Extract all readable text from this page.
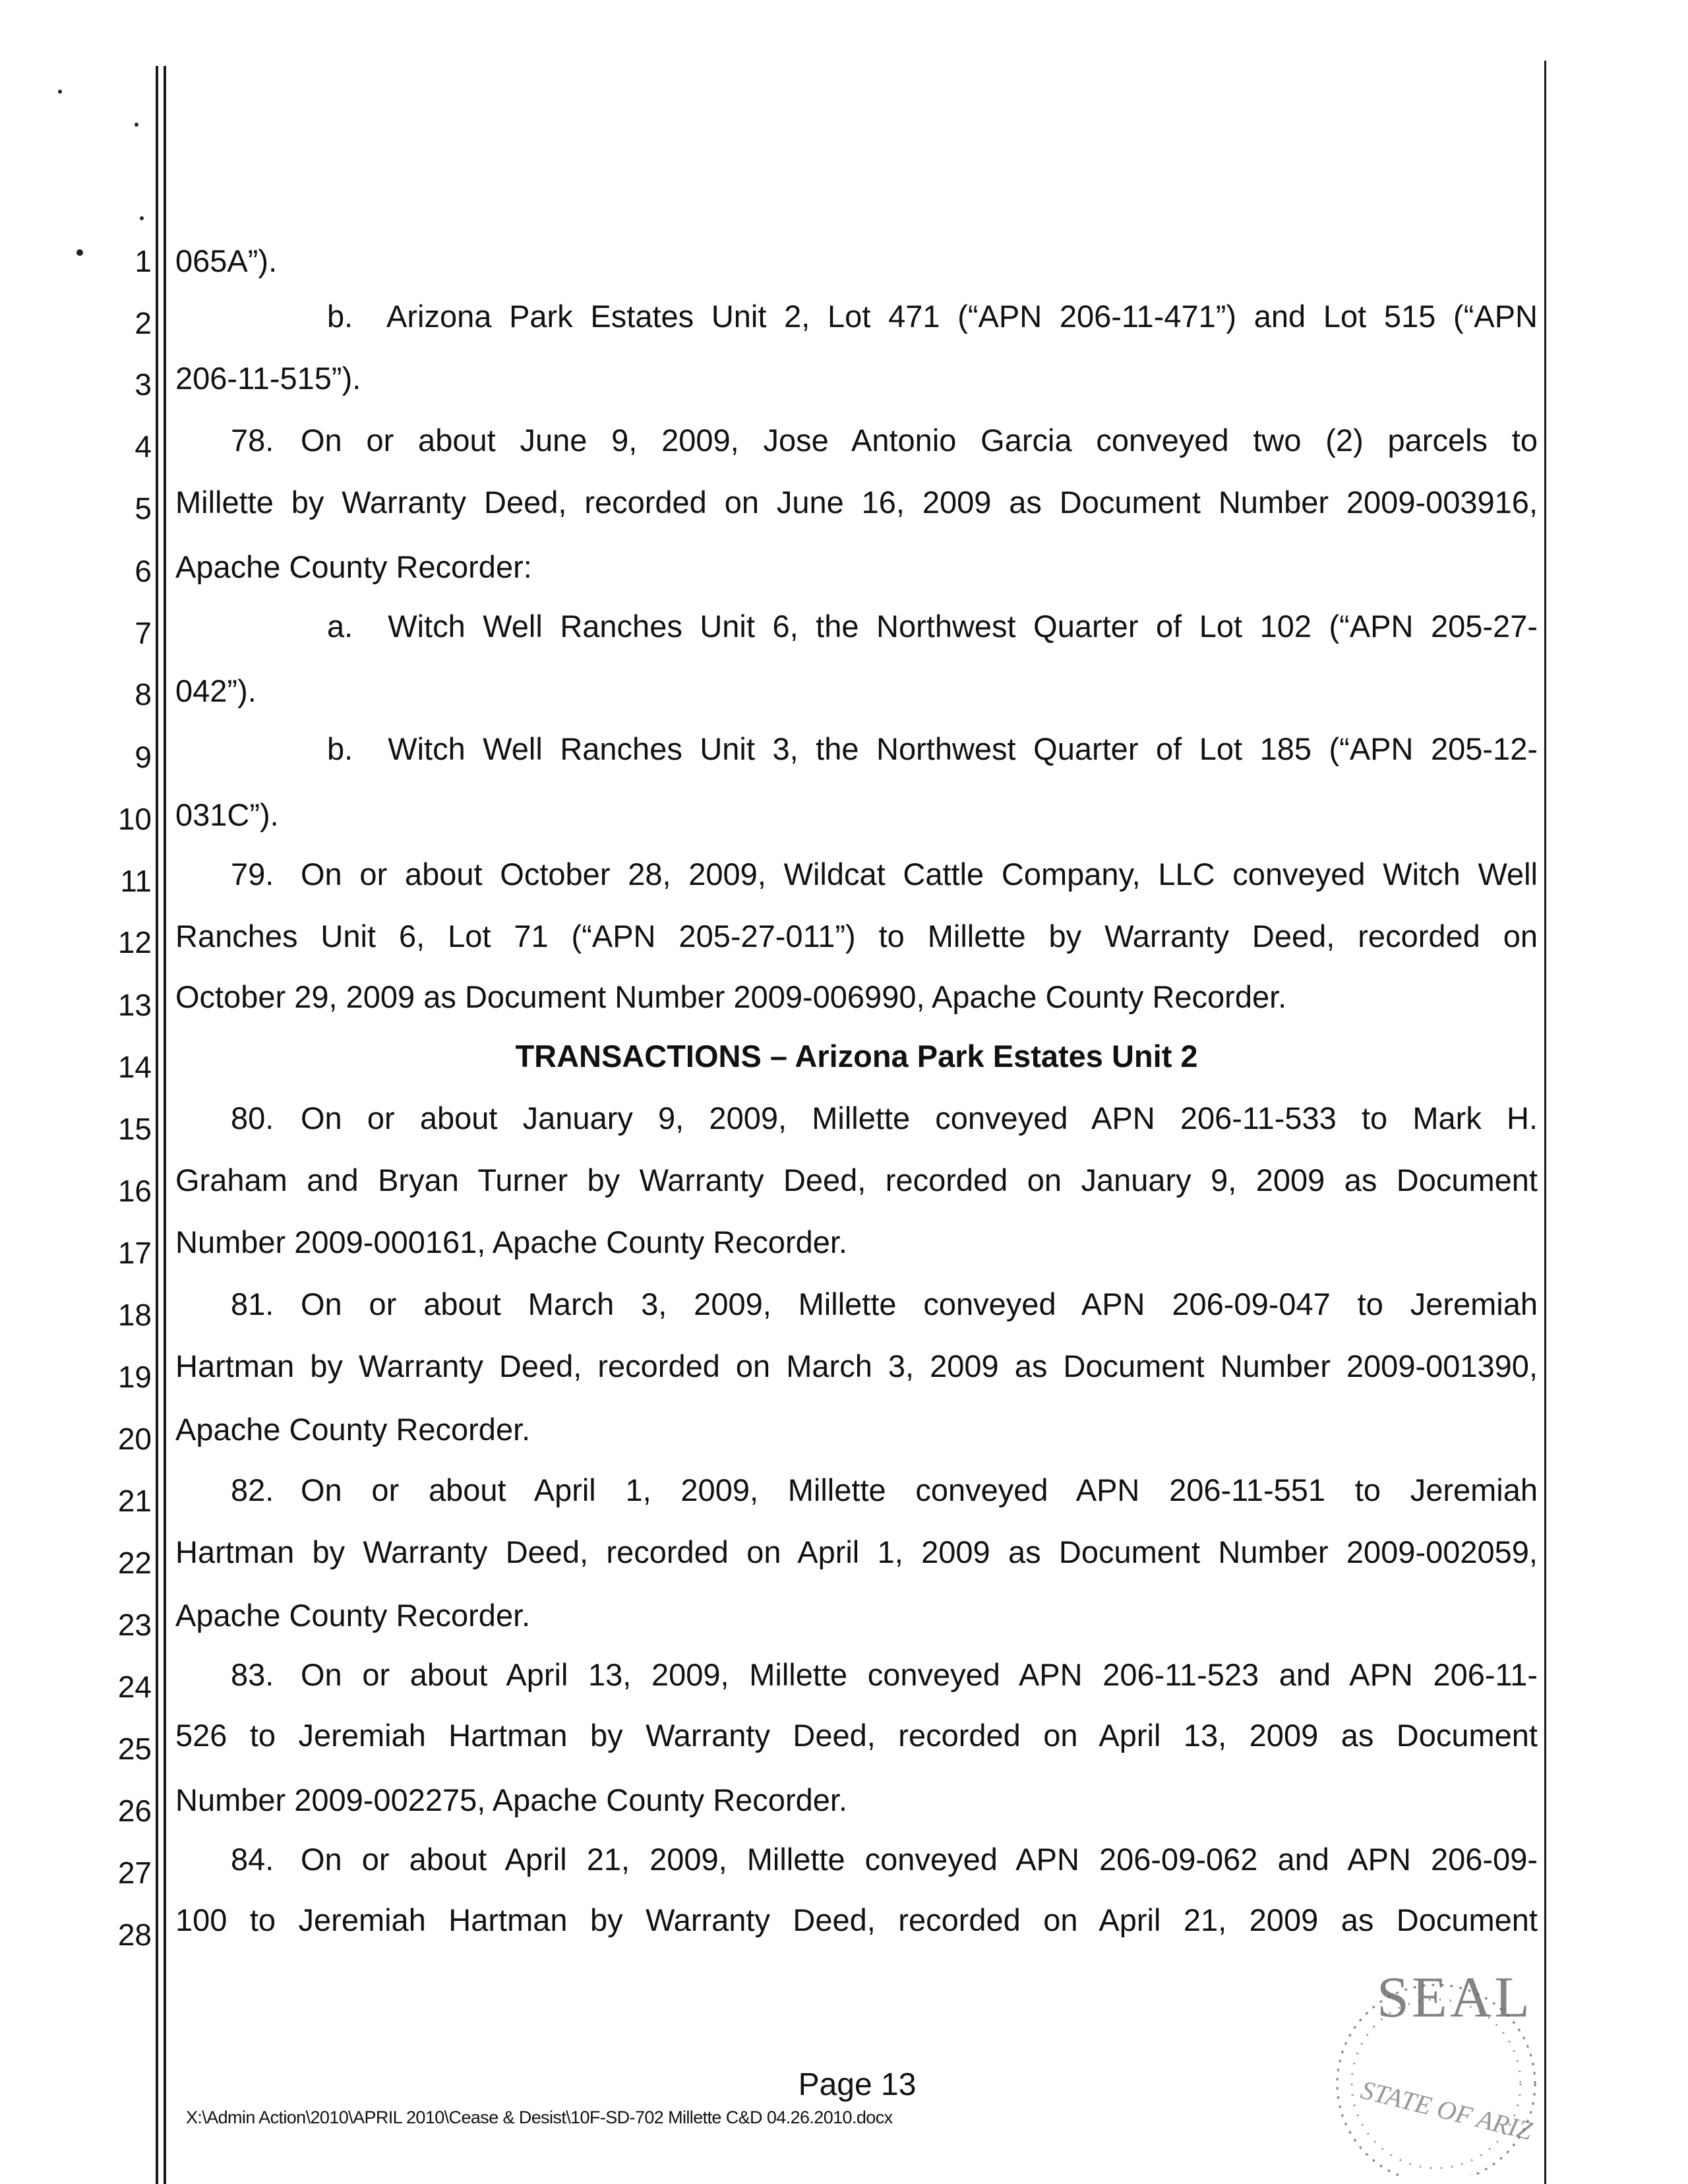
1
2
3
4
5
6
7
8
9
10
11
12
13
14
15
16
17
18
19
20
21
22
23
24
25
26
27
28
065A”).
b.  Arizona Park Estates Unit 2, Lot 471 (“APN 206-11-471”) and Lot 515 (“APN
206-11-515”).
78. On or about June 9, 2009, Jose Antonio Garcia conveyed two (2) parcels to
Millette by Warranty Deed, recorded on June 16, 2009 as Document Number 2009-003916,
Apache County Recorder:
a.  Witch Well Ranches Unit 6, the Northwest Quarter of Lot 102 (“APN 205-27-
042”).
b.  Witch Well Ranches Unit 3, the Northwest Quarter of Lot 185 (“APN 205-12-
031C”).
79. On or about October 28, 2009, Wildcat Cattle Company, LLC conveyed Witch Well
Ranches Unit 6, Lot 71 (“APN 205-27-011”) to Millette by Warranty Deed, recorded on
October 29, 2009 as Document Number 2009-006990, Apache County Recorder.
TRANSACTIONS – Arizona Park Estates Unit 2
80. On or about January 9, 2009, Millette conveyed APN 206-11-533 to Mark H.
Graham and Bryan Turner by Warranty Deed, recorded on January 9, 2009 as Document
Number 2009-000161, Apache County Recorder.
81. On or about March 3, 2009, Millette conveyed APN 206-09-047 to Jeremiah
Hartman by Warranty Deed, recorded on March 3, 2009 as Document Number 2009-001390,
Apache County Recorder.
82. On or about April 1, 2009, Millette conveyed APN 206-11-551 to Jeremiah
Hartman by Warranty Deed, recorded on April 1, 2009 as Document Number 2009-002059,
Apache County Recorder.
83. On or about April 13, 2009, Millette conveyed APN 206-11-523 and APN 206-11-
526 to Jeremiah Hartman by Warranty Deed, recorded on April 13, 2009 as Document
Number 2009-002275, Apache County Recorder.
84. On or about April 21, 2009, Millette conveyed APN 206-09-062 and APN 206-09-
100 to Jeremiah Hartman by Warranty Deed, recorded on April 21, 2009 as Document
SEAL
STATE OF ARIZ
Page 13
X:\Admin Action\2010\APRIL 2010\Cease & Desist\10F-SD-702 Millette C&D 04.26.2010.docx
